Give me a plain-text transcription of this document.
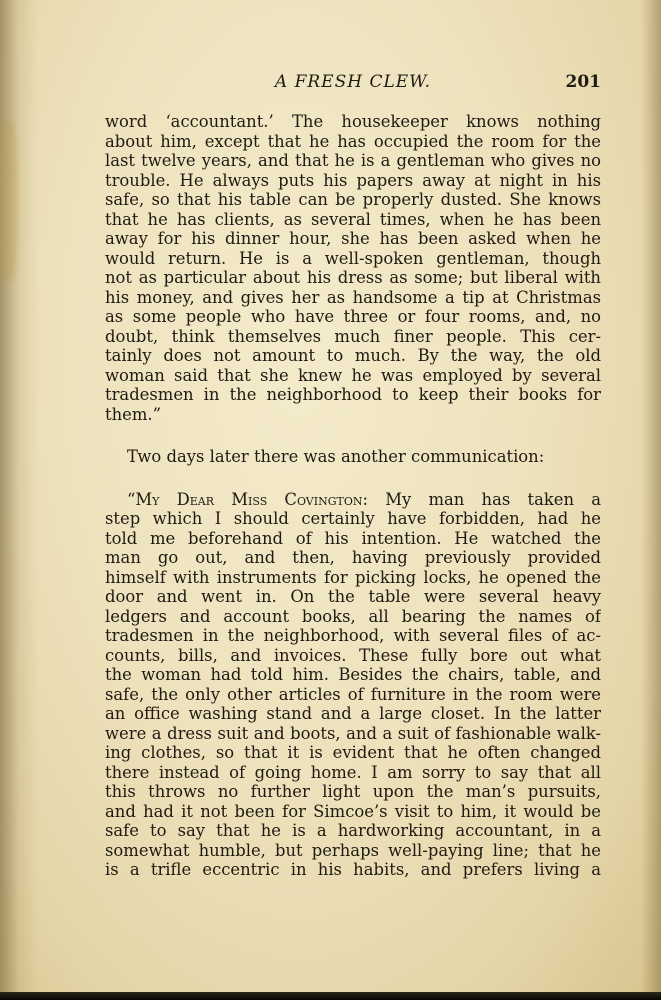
A FRESH CLEW.	201
word ‘accountant.’ The housekeeper knows nothing
about him, except that he has occupied the room for the
last twelve years, and that he is a gentleman who gives no
trouble. He always puts his papers away at night in his
safe, so that his table can be properly dusted. She knows
that he has clients, as several times, when he has been
away for his dinner hour, she has been asked when he
would return. He is a well-spoken gentleman, though
not as particular about his dress as some; but liberal with
his money, and gives her as handsome a tip at Christmas
as some people who have three or four rooms, and, no
doubt, think themselves much finer people. This cer-
tainly does not amount to much. By the way, the old
woman said that she knew he was employed by several
tradesmen in the neighborhood to keep their books for
them.”
Two days later there was another communication:
“My Dear Miss Covington: My man has taken a
step which I should certainly have forbidden, had he
told me beforehand of his intention. He watched the
man go out, and then, having previously provided
himself with instruments for picking locks, he opened the
door and went in. On the table were several heavy
ledgers and account books, all bearing the names of
tradesmen in the neighborhood, with several files of ac-
counts, bills, and invoices. These fully bore out what
the woman had told him. Besides the chairs, table, and
safe, the only other articles of furniture in the room were
an office washing stand and a large closet. In the latter
were a dress suit and boots, and a suit of fashionable walk-
ing clothes, so that it is evident that he often changed
there instead of going home. I am sorry to say that all
this throws no further light upon the man’s pursuits,
and had it not been for Simcoe’s visit to him, it would be
safe to say that he is a hardworking accountant, in a
somewhat humble, but perhaps well-paying line; that he
is a trifle eccentric in his habits, and prefers living a
